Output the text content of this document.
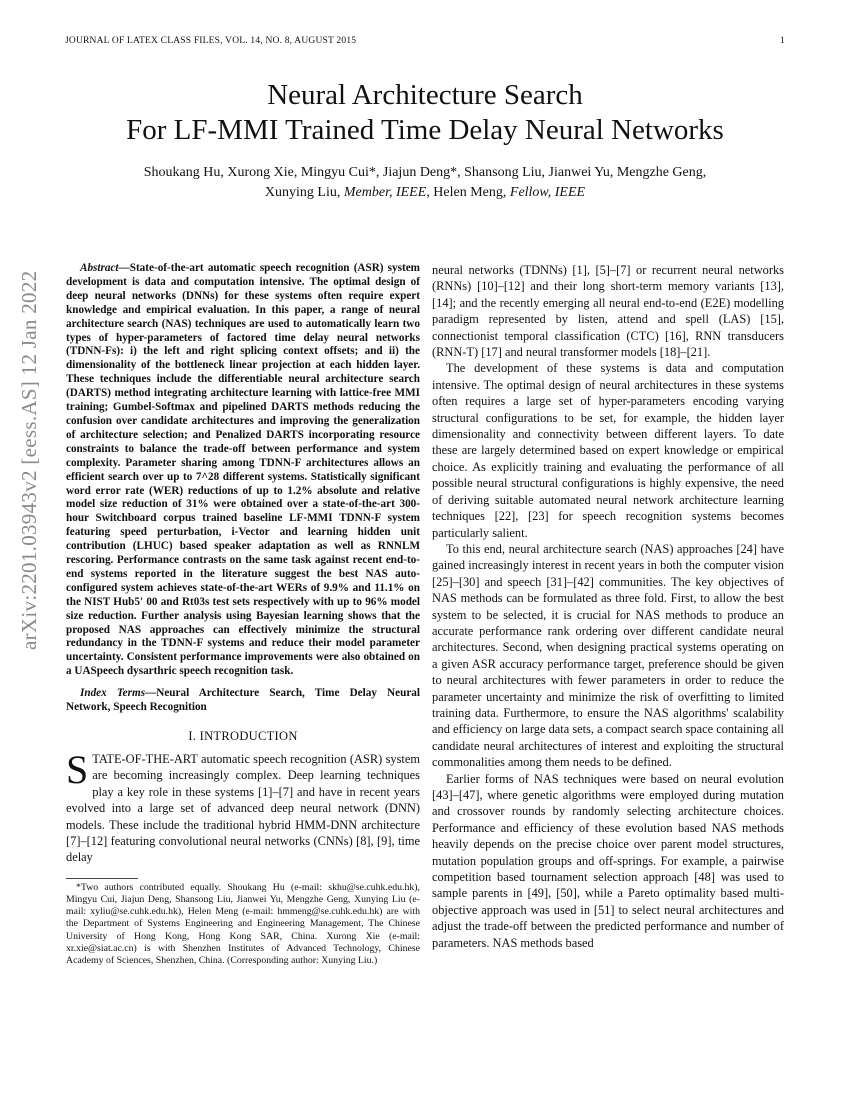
JOURNAL OF LATEX CLASS FILES, VOL. 14, NO. 8, AUGUST 2015	1
arXiv:2201.03943v2 [eess.AS] 12 Jan 2022
Neural Architecture Search
For LF-MMI Trained Time Delay Neural Networks
Shoukang Hu, Xurong Xie, Mingyu Cui*, Jiajun Deng*, Shansong Liu, Jianwei Yu, Mengzhe Geng,
Xunying Liu, Member, IEEE, Helen Meng, Fellow, IEEE

Abstract—State-of-the-art automatic speech recognition (ASR) system development is data and computation intensive. The optimal design of deep neural networks (DNNs) for these systems often require expert knowledge and empirical evaluation. In this paper, a range of neural architecture search (NAS) techniques are used to automatically learn two types of hyper-parameters of factored time delay neural networks (TDNN-Fs): i) the left and right splicing context offsets; and ii) the dimensionality of the bottleneck linear projection at each hidden layer. These techniques include the differentiable neural architecture search (DARTS) method integrating architecture learning with lattice-free MMI training; Gumbel-Softmax and pipelined DARTS methods reducing the confusion over candidate architectures and improving the generalization of architecture selection; and Penalized DARTS incorporating resource constraints to balance the trade-off between performance and system complexity. Parameter sharing among TDNN-F architectures allows an efficient search over up to 7^28 different systems. Statistically significant word error rate (WER) reductions of up to 1.2% absolute and relative model size reduction of 31% were obtained over a state-of-the-art 300-hour Switchboard corpus trained baseline LF-MMI TDNN-F system featuring speed perturbation, i-Vector and learning hidden unit contribution (LHUC) based speaker adaptation as well as RNNLM rescoring. Performance contrasts on the same task against recent end-to-end systems reported in the literature suggest the best NAS auto-configured system achieves state-of-the-art WERs of 9.9% and 11.1% on the NIST Hub5' 00 and Rt03s test sets respectively with up to 96% model size reduction. Further analysis using Bayesian learning shows that the proposed NAS approaches can effectively minimize the structural redundancy in the TDNN-F systems and reduce their model parameter uncertainty. Consistent performance improvements were also obtained on a UASpeech dysarthric speech recognition task.

Index Terms—Neural Architecture Search, Time Delay Neural Network, Speech Recognition

I. INTRODUCTION

STATE-OF-THE-ART automatic speech recognition (ASR) system are becoming increasingly complex. Deep learning techniques play a key role in these systems [1]–[7] and have in recent years evolved into a large set of advanced deep neural network (DNN) models. These include the traditional hybrid HMM-DNN architecture [7]–[12] featuring convolutional neural networks (CNNs) [8], [9], time delay

*Two authors contributed equally. Shoukang Hu (e-mail: skhu@se.cuhk.edu.hk), Mingyu Cui, Jiajun Deng, Shansong Liu, Jianwei Yu, Mengzhe Geng, Xunying Liu (e-mail: xyliu@se.cuhk.edu.hk), Helen Meng (e-mail: hmmeng@se.cuhk.edu.hk) are with the Department of Systems Engineering and Engineering Management, The Chinese University of Hong Kong, Hong Kong SAR, China. Xurong Xie (e-mail: xr.xie@siat.ac.cn) is with Shenzhen Institutes of Advanced Technology, Chinese Academy of Sciences, Shenzhen, China. (Corresponding author: Xunying Liu.)

neural networks (TDNNs) [1], [5]–[7] or recurrent neural networks (RNNs) [10]–[12] and their long short-term memory variants [13], [14]; and the recently emerging all neural end-to-end (E2E) modelling paradigm represented by listen, attend and spell (LAS) [15], connectionist temporal classification (CTC) [16], RNN transducers (RNN-T) [17] and neural transformer models [18]–[21].

The development of these systems is data and computation intensive. The optimal design of neural architectures in these systems often requires a large set of hyper-parameters encoding varying structural configurations to be set, for example, the hidden layer dimensionality and connectivity between different layers. To date these are largely determined based on expert knowledge or empirical choice. As explicitly training and evaluating the performance of all possible neural structural configurations is highly expensive, the need of deriving suitable automated neural network architecture learning techniques [22], [23] for speech recognition systems becomes particularly salient.

To this end, neural architecture search (NAS) approaches [24] have gained increasingly interest in recent years in both the computer vision [25]–[30] and speech [31]–[42] communities. The key objectives of NAS methods can be formulated as three fold. First, to allow the best system to be selected, it is crucial for NAS methods to produce an accurate performance rank ordering over different candidate neural architectures. Second, when designing practical systems operating on a given ASR accuracy performance target, preference should be given to neural architectures with fewer parameters in order to reduce the parameter uncertainty and minimize the risk of overfitting to limited training data. Furthermore, to ensure the NAS algorithms' scalability and efficiency on large data sets, a compact search space containing all candidate neural architectures of interest and exploiting the structural commonalities among them needs to be defined.

Earlier forms of NAS techniques were based on neural evolution [43]–[47], where genetic algorithms were employed during mutation and crossover rounds by randomly selecting architecture choices. Performance and efficiency of these evolution based NAS methods heavily depends on the precise choice over parent model structures, mutation population groups and off-springs. For example, a pairwise competition based tournament selection approach [48] was used to sample parents in [49], [50], while a Pareto optimality based multi-objective approach was used in [51] to select neural architectures and adjust the trade-off between the predicted performance and number of parameters. NAS methods based
